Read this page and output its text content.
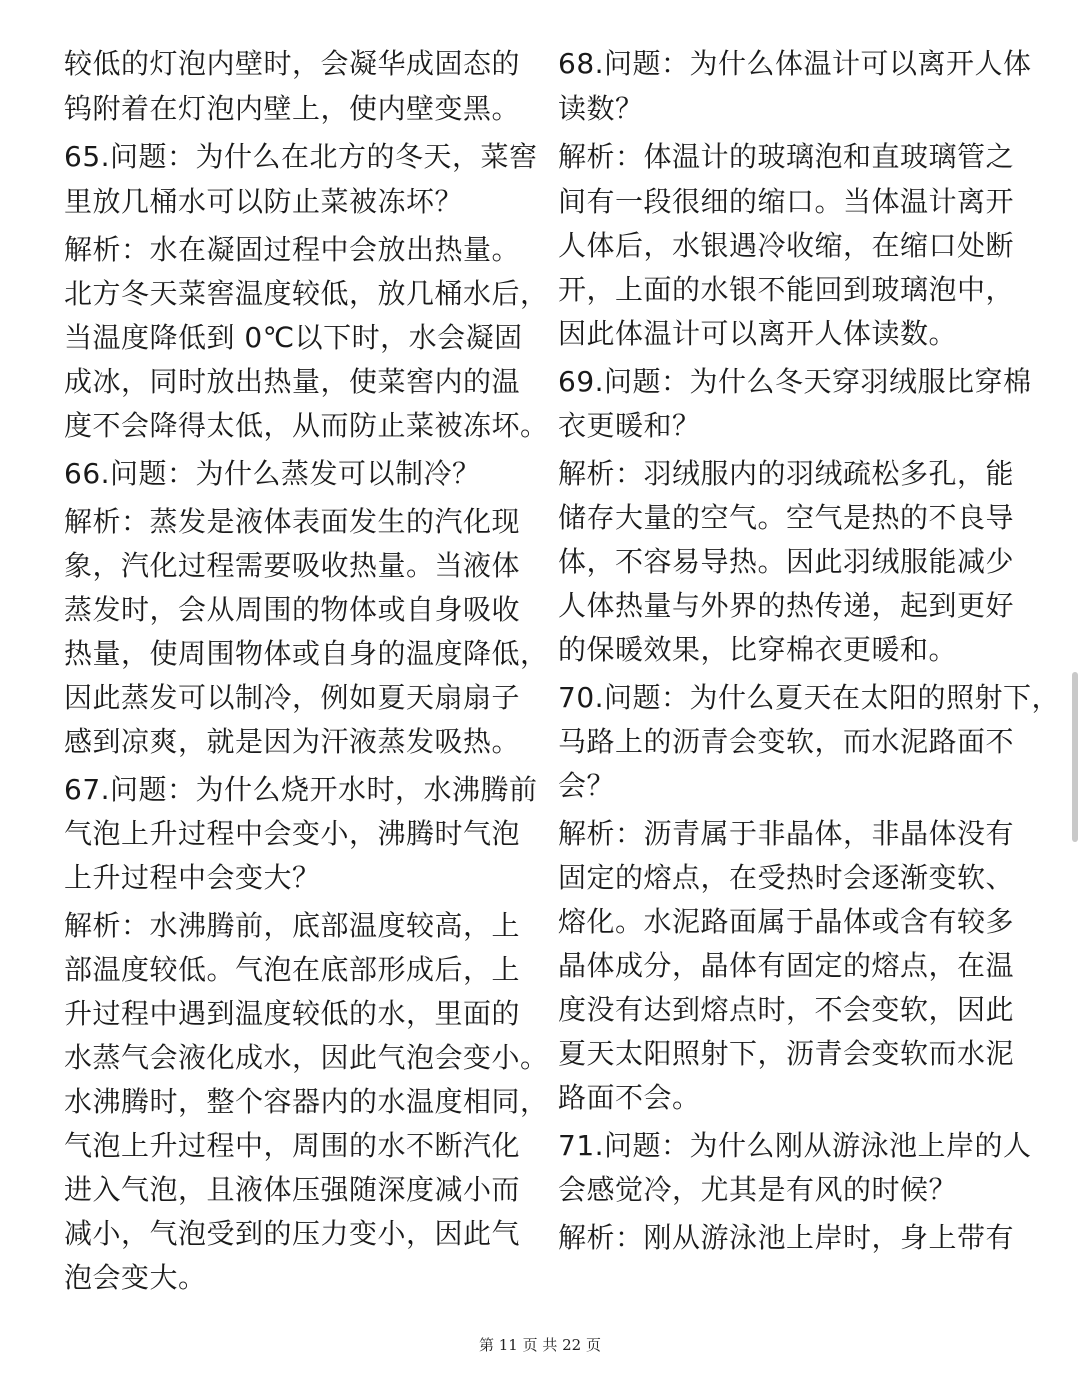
较低的灯泡内壁时，会凝华成固态的
钨附着在灯泡内壁上，使内壁变黑。
65.问题：为什么在北方的冬天，菜窖
里放几桶水可以防止菜被冻坏？
解析：水在凝固过程中会放出热量。
北方冬天菜窖温度较低，放几桶水后，
当温度降低到 0℃以下时，水会凝固
成冰，同时放出热量，使菜窖内的温
度不会降得太低，从而防止菜被冻坏。
66.问题：为什么蒸发可以制冷？
解析：蒸发是液体表面发生的汽化现
象，汽化过程需要吸收热量。当液体
蒸发时，会从周围的物体或自身吸收
热量，使周围物体或自身的温度降低，
因此蒸发可以制冷，例如夏天扇扇子
感到凉爽，就是因为汗液蒸发吸热。
67.问题：为什么烧开水时，水沸腾前
气泡上升过程中会变小，沸腾时气泡
上升过程中会变大？
解析：水沸腾前，底部温度较高，上
部温度较低。气泡在底部形成后，上
升过程中遇到温度较低的水，里面的
水蒸气会液化成水，因此气泡会变小。
水沸腾时，整个容器内的水温度相同，
气泡上升过程中，周围的水不断汽化
进入气泡，且液体压强随深度减小而
减小，气泡受到的压力变小，因此气
泡会变大。
68.问题：为什么体温计可以离开人体
读数？
解析：体温计的玻璃泡和直玻璃管之
间有一段很细的缩口。当体温计离开
人体后，水银遇冷收缩，在缩口处断
开，上面的水银不能回到玻璃泡中，
因此体温计可以离开人体读数。
69.问题：为什么冬天穿羽绒服比穿棉
衣更暖和？
解析：羽绒服内的羽绒疏松多孔，能
储存大量的空气。空气是热的不良导
体，不容易导热。因此羽绒服能减少
人体热量与外界的热传递，起到更好
的保暖效果，比穿棉衣更暖和。
70.问题：为什么夏天在太阳的照射下，
马路上的沥青会变软，而水泥路面不
会？
解析：沥青属于非晶体，非晶体没有
固定的熔点，在受热时会逐渐变软、
熔化。水泥路面属于晶体或含有较多
晶体成分，晶体有固定的熔点，在温
度没有达到熔点时，不会变软，因此
夏天太阳照射下，沥青会变软而水泥
路面不会。
71.问题：为什么刚从游泳池上岸的人
会感觉冷，尤其是有风的时候？
解析：刚从游泳池上岸时，身上带有
第 11 页 共 22 页
